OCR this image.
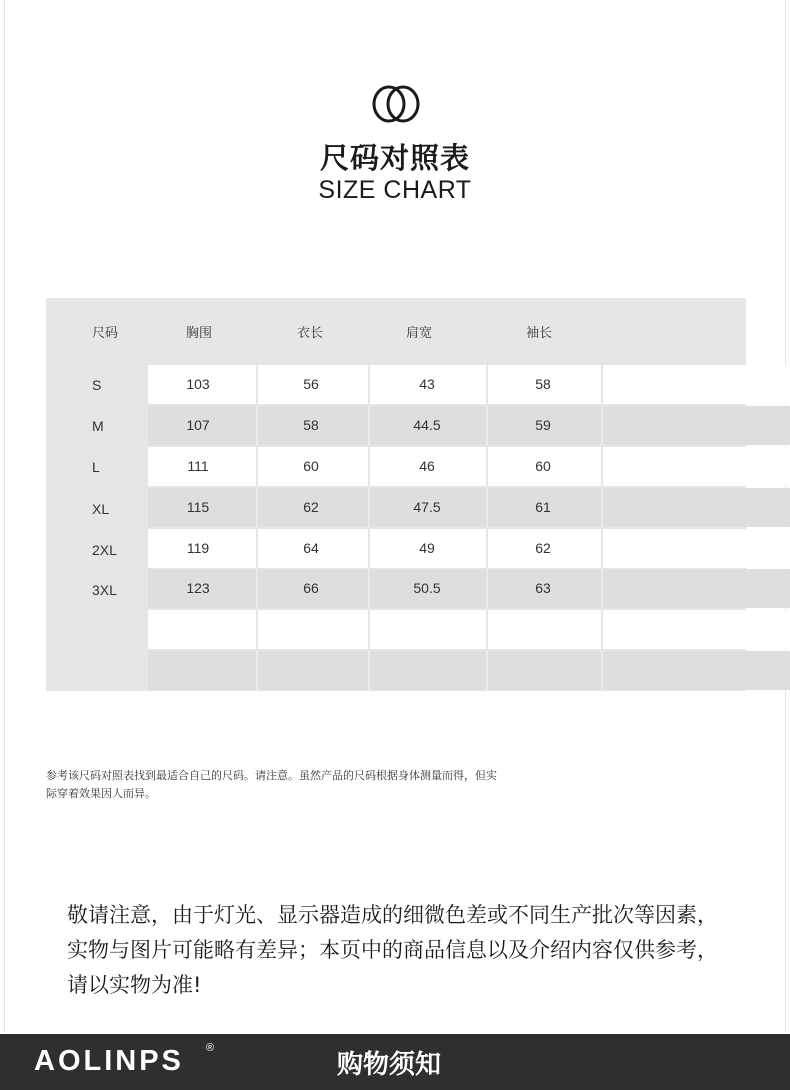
尺码对照表
SIZE CHART
尺码	胸围	衣长	肩宽	袖长
S	103	56	43	58
M	107	58	44.5	59
L	111	60	46	60
XL	115	62	47.5	61
2XL	119	64	49	62
3XL	123	66	50.5	63
参考该尺码对照表找到最适合自己的尺码。请注意。虽然产品的尺码根据身体测量而得，但实际穿着效果因人而异。
敬请注意，由于灯光、显示器造成的细微色差或不同生产批次等因素，实物与图片可能略有差异；本页中的商品信息以及介绍内容仅供参考，请以实物为准!
AOLINPS ®
购物须知
